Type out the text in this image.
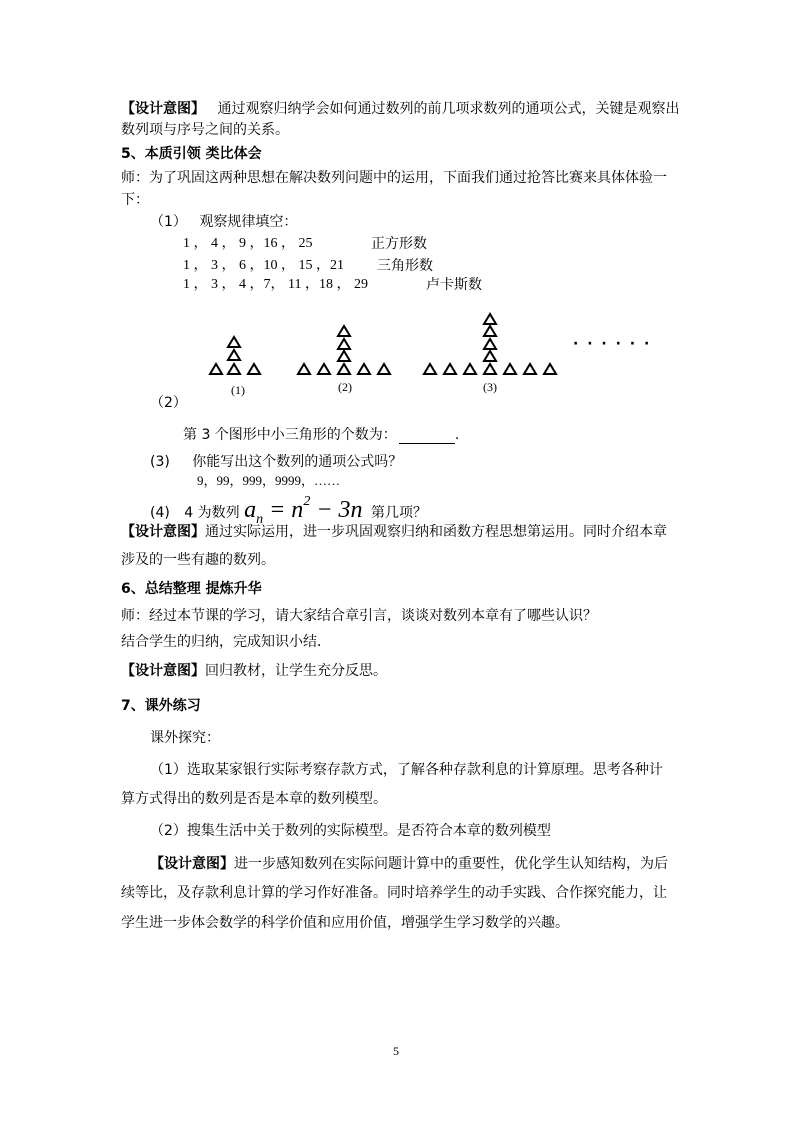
【设计意图】 通过观察归纳学会如何通过数列的前几项求数列的通项公式，关键是观察出
数列项与序号之间的关系。
5、本质引领 类比体会
师：为了巩固这两种思想在解决数列问题中的运用，下面我们通过抢答比赛来具体体验一
下：
（1） 观察规律填空：
1 ， 4 ， 9 ，16 ， 25	正方形数
1 ， 3 ， 6 ，10 ， 15 ，21 三角形数
1 ， 3 ， 4 ，7， 11 ，18 ， 29	卢卡斯数
(1)	(2)	(3)
· · · · · ·
（2）
第 3 个图形中小三角形的个数为：	.
(3) 你能写出这个数列的通项公式吗？
9，99，999，9999，……
(4) 4 为数列 $a_n = n^2 - 3n$ 第几项？
【设计意图】通过实际运用，进一步巩固观察归纳和函数方程思想第运用。同时介绍本章
涉及的一些有趣的数列。
6、总结整理 提炼升华
师：经过本节课的学习，请大家结合章引言，谈谈对数列本章有了哪些认识？
结合学生的归纳，完成知识小结．
【设计意图】回归教材，让学生充分反思。
7、课外练习
课外探究：
（1）选取某家银行实际考察存款方式，了解各种存款利息的计算原理。思考各种计
算方式得出的数列是否是本章的数列模型。
（2）搜集生活中关于数列的实际模型。是否符合本章的数列模型
【设计意图】进一步感知数列在实际问题计算中的重要性，优化学生认知结构，为后
续等比，及存款利息计算的学习作好准备。同时培养学生的动手实践、合作探究能力，让
学生进一步体会数学的科学价值和应用价值，增强学生学习数学的兴趣。
5
